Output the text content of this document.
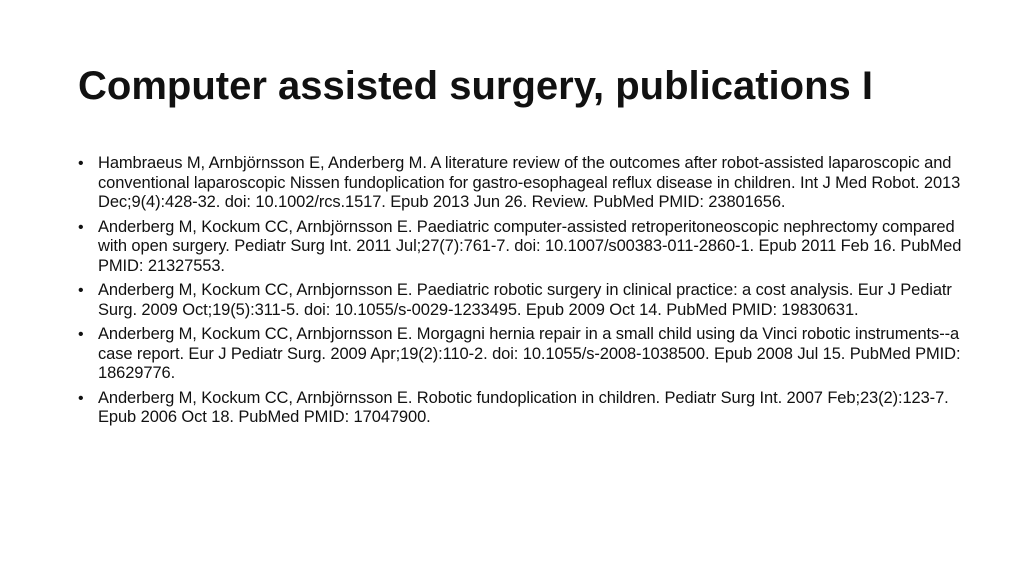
Computer assisted surgery, publications I
• Hambraeus M, Arnbjörnsson E, Anderberg M. A literature review of the outcomes after robot-assisted laparoscopic and conventional laparoscopic Nissen fundoplication for gastro-esophageal reflux disease in children. Int J Med Robot. 2013 Dec;9(4):428-32. doi: 10.1002/rcs.1517. Epub 2013 Jun 26. Review. PubMed PMID: 23801656.
• Anderberg M, Kockum CC, Arnbjörnsson E. Paediatric computer-assisted retroperitoneoscopic nephrectomy compared with open surgery. Pediatr Surg Int. 2011 Jul;27(7):761-7. doi: 10.1007/s00383-011-2860-1. Epub 2011 Feb 16. PubMed PMID: 21327553.
• Anderberg M, Kockum CC, Arnbjornsson E. Paediatric robotic surgery in clinical practice: a cost analysis. Eur J Pediatr Surg. 2009 Oct;19(5):311-5. doi: 10.1055/s-0029-1233495. Epub 2009 Oct 14. PubMed PMID: 19830631.
• Anderberg M, Kockum CC, Arnbjornsson E. Morgagni hernia repair in a small child using da Vinci robotic instruments--a case report. Eur J Pediatr Surg. 2009 Apr;19(2):110-2. doi: 10.1055/s-2008-1038500. Epub 2008 Jul 15. PubMed PMID: 18629776.
• Anderberg M, Kockum CC, Arnbjörnsson E. Robotic fundoplication in children. Pediatr Surg Int. 2007 Feb;23(2):123-7. Epub 2006 Oct 18. PubMed PMID: 17047900.
